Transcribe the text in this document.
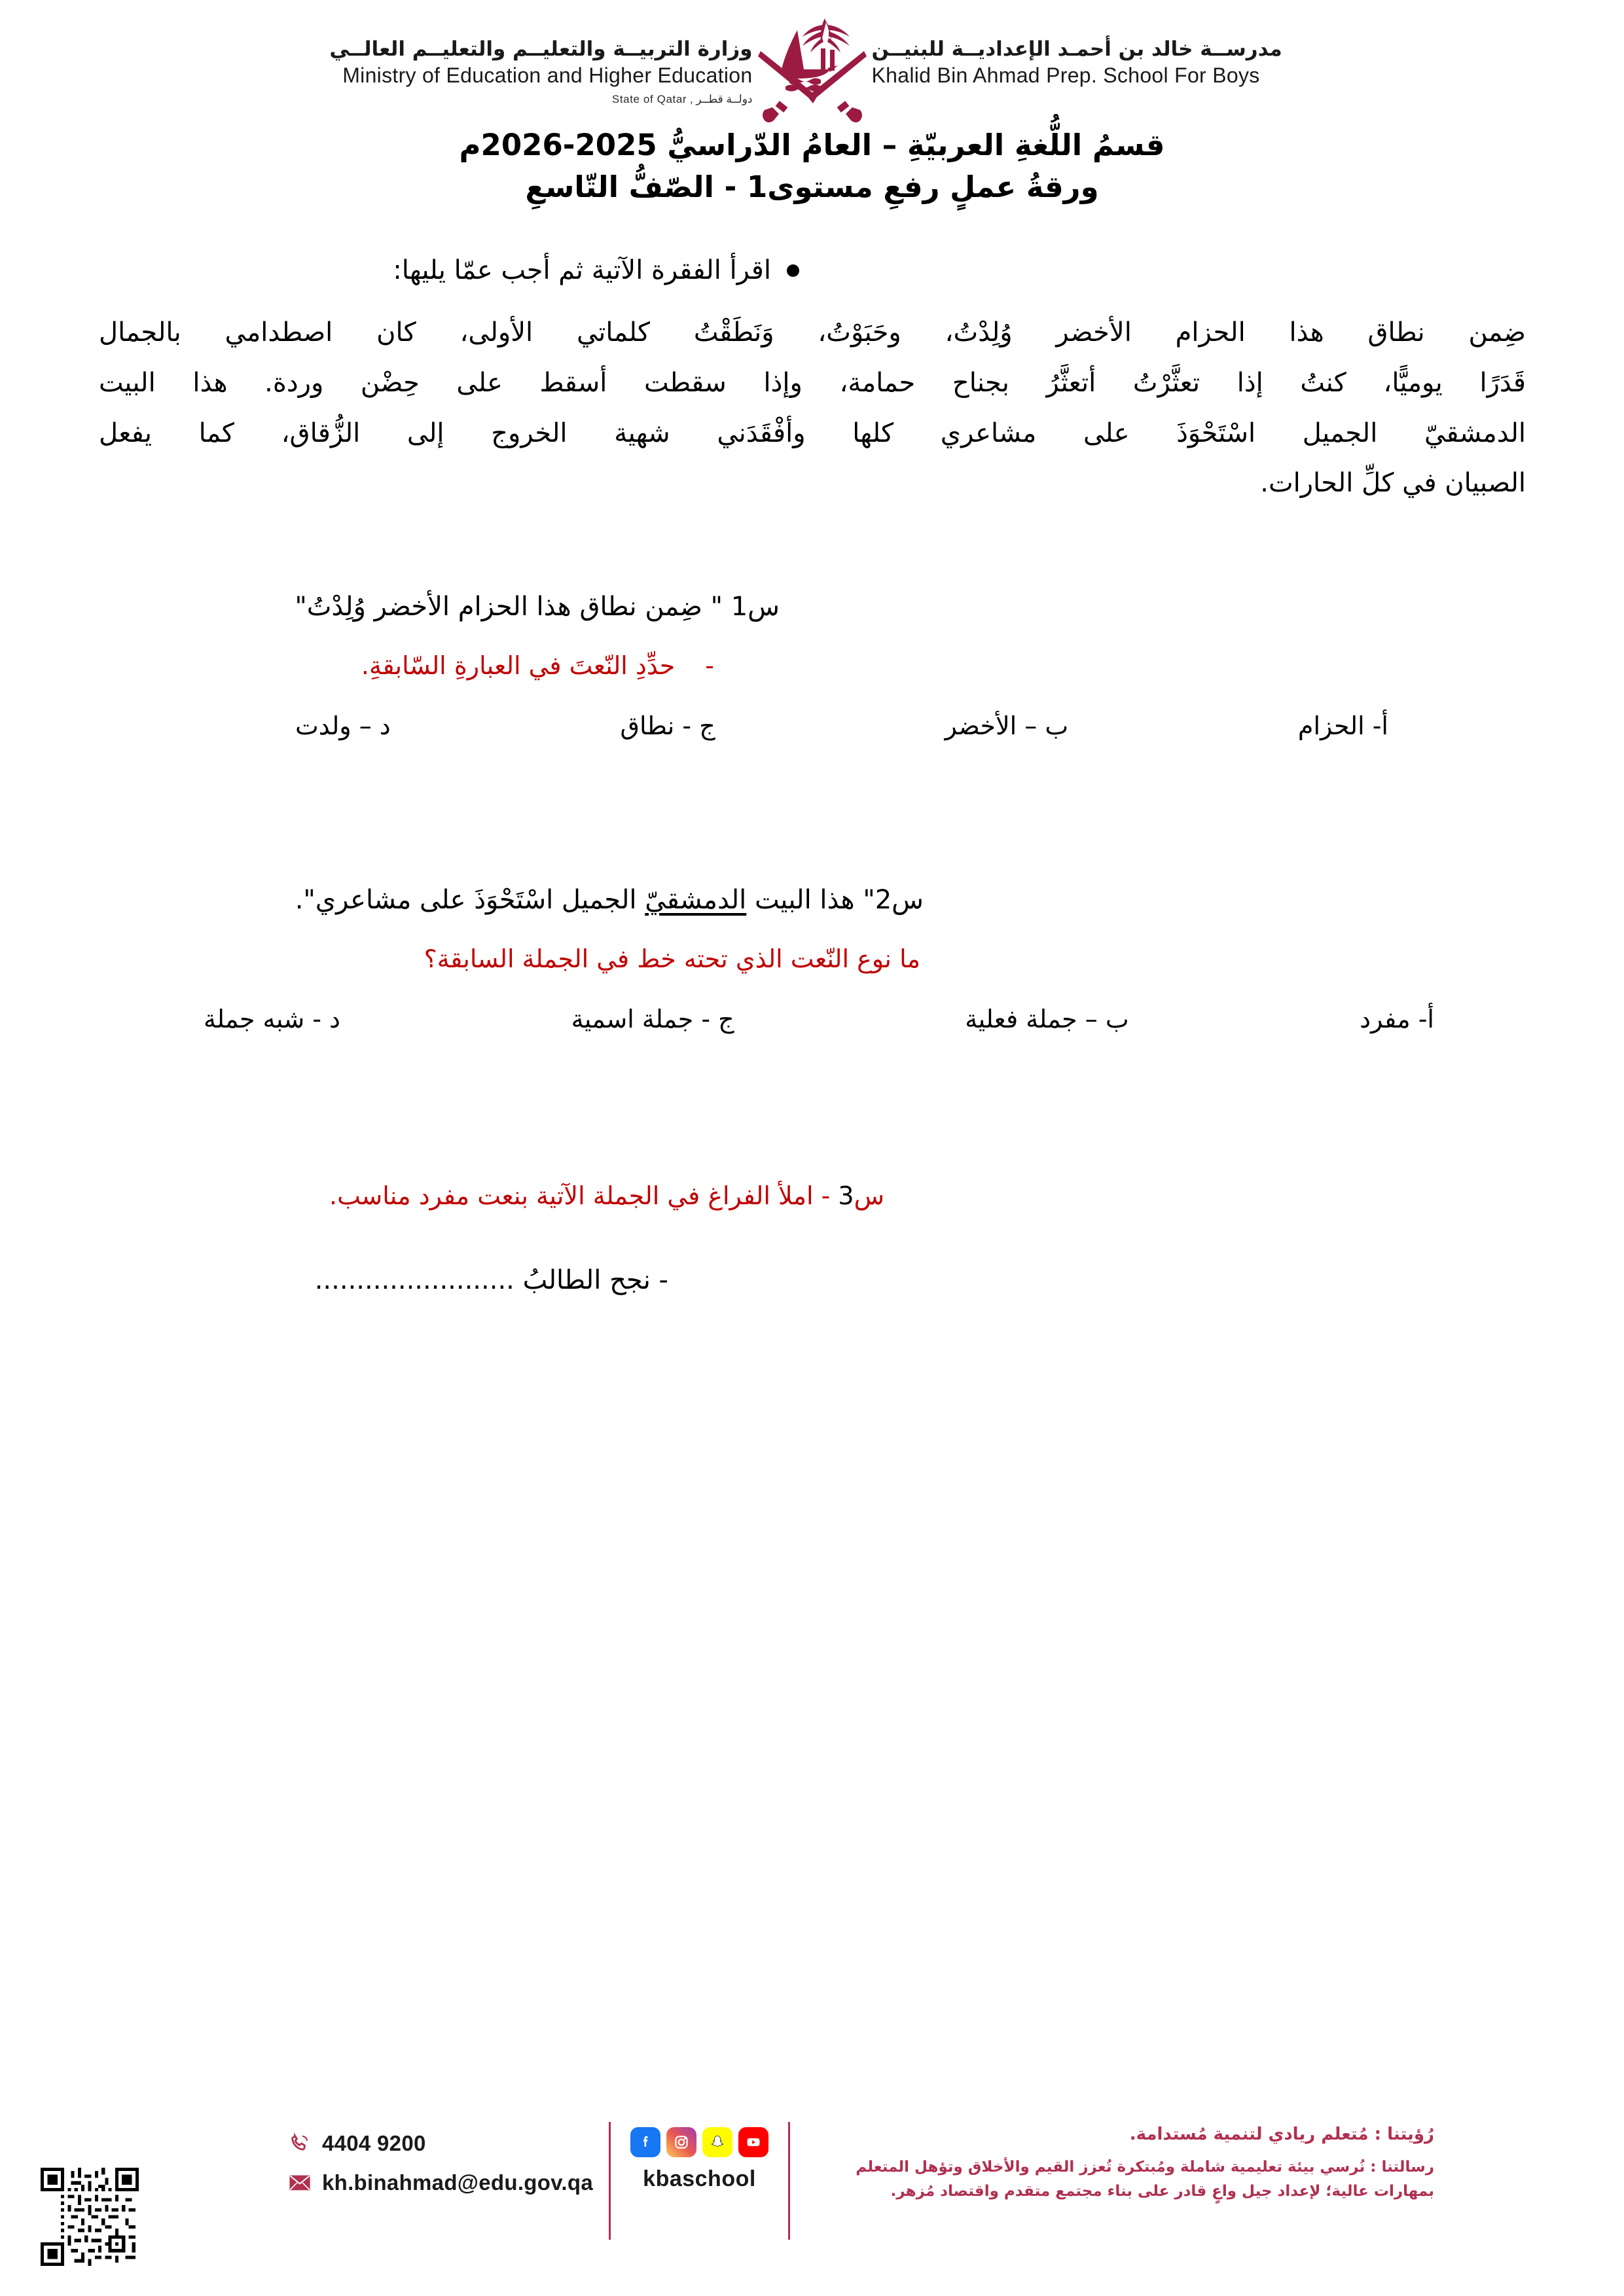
وزارة التربيــة والتعليــم والتعليــم العالــي
Ministry of Education and Higher Education
دولــة قطــر , State of Qatar
مدرســة خالد بن أحمـد الإعداديــة للبنيــن
Khalid Bin Ahmad Prep. School For Boys
قسمُ اللُّغةِ العربيّةِ – العامُ الدّراسيُّ 2025-2026م
ورقةُ عملٍ رفعِ مستوى1 - الصّفُّ التّاسعِ
اقرأ الفقرة الآتية ثم أجب عمّا يليها:
ضِمن نطاق هذا الحزام الأخضر وُلِدْتُ، وحَبَوْتُ، وَنَطَقْتُ كلماتي الأولى، كان اصطدامي بالجمال
قَدَرًا يوميًّا، كنتُ إذا تعثَّرْتُ أتعثَّرُ بجناح حمامة، وإذا سقطت أسقط على حِضْن وردة. هذا البيت
الدمشقيّ الجميل اسْتَحْوَذَ على مشاعري كلها وأفْقَدَني شهية الخروج إلى الزُّقاق، كما يفعل
الصبيان في كلِّ الحارات.
س1 " ضِمن نطاق هذا الحزام الأخضر وُلِدْتُ"
-حدِّدِ النّعتَ في العبارةِ السّابقةِ.
أ- الحزام
ب – الأخضر
ج - نطاق
د – ولدت
س2" هذا البيت الدمشقيّ الجميل اسْتَحْوَذَ على مشاعري".
ما نوع النّعت الذي تحته خط في الجملة السابقة؟
أ- مفرد
ب – جملة فعلية
ج - جملة اسمية
د - شبه جملة
س3 - املأ الفراغ في الجملة الآتية بنعت مفرد مناسب.
- نجح الطالبُ ........................
رُؤيتنا : مُتعلم ريادي لتنمية مُستدامة.
رسالتنا : نُرسي بيئة تعليمية شاملة ومُبتكرة تُعزز القيم والأخلاق وتؤهل المتعلم
بمهارات عالية؛ لإعداد جيل واعٍ قادر على بناء مجتمع متقدم واقتصاد مُزهر.
kbaschool
4404 9200
kh.binahmad@edu.gov.qa
